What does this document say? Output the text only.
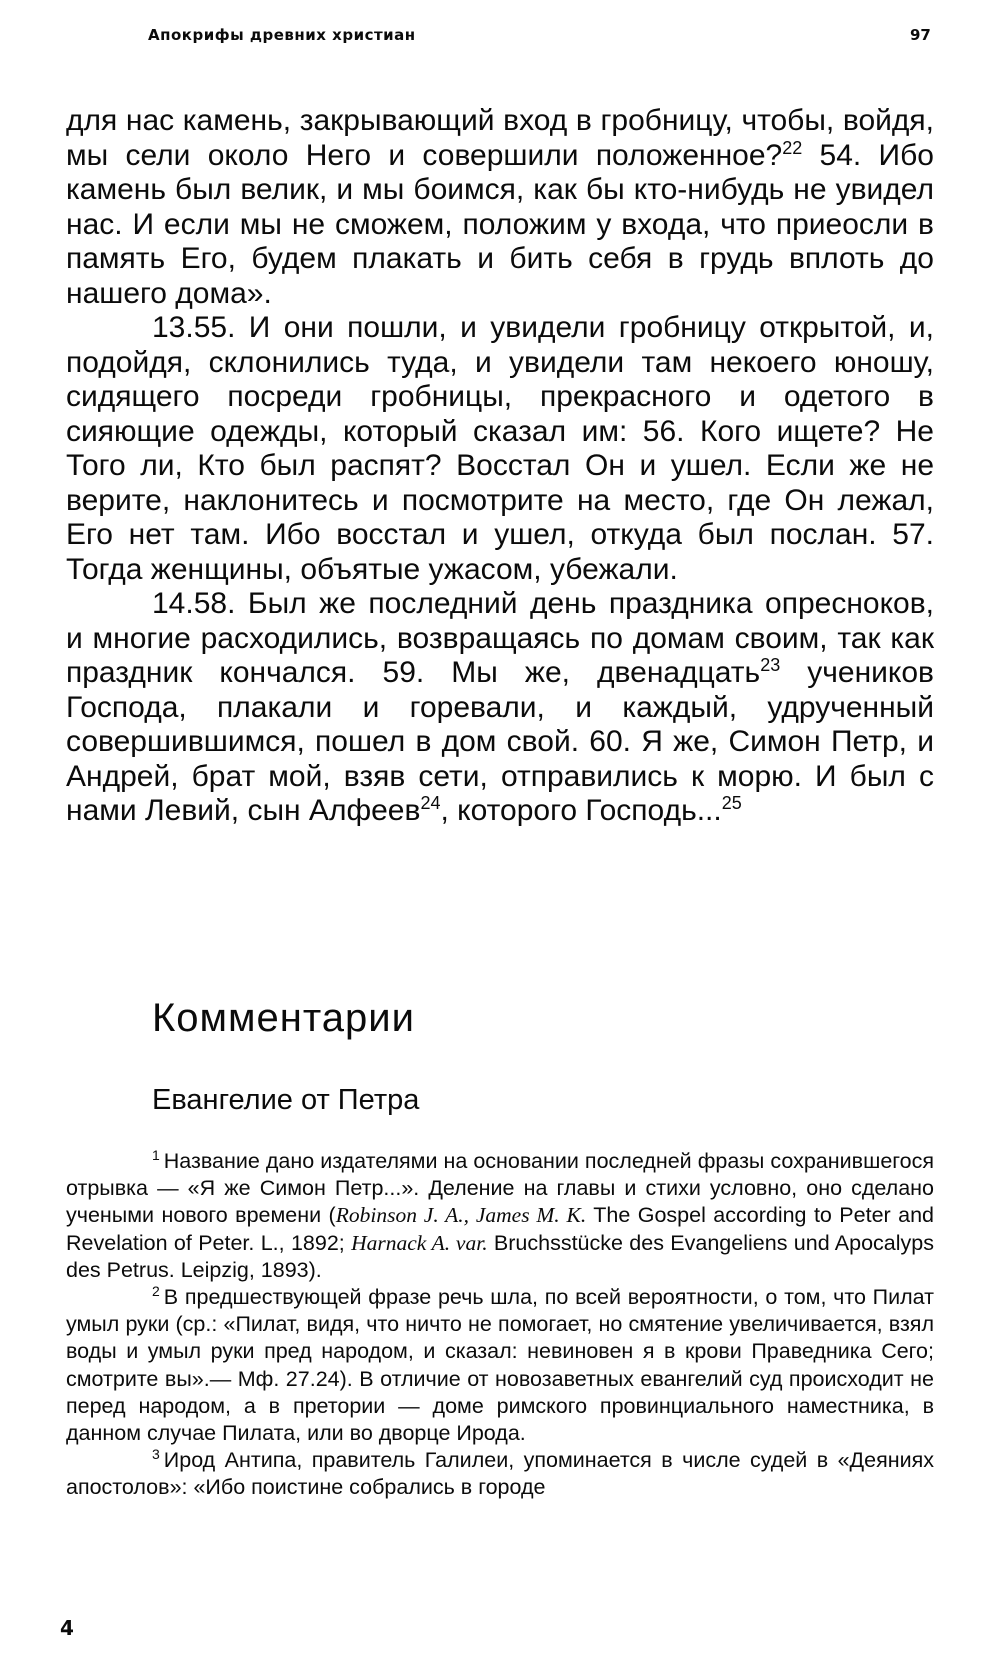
Апокрифы древних христиан	97

для нас камень, закрывающий вход в гробницу, чтобы, войдя, мы сели около Него и совершили положенное?$^{22}$ 54. Ибо камень был велик, и мы боимся, как бы кто-нибудь не увидел нас. И если мы не сможем, положим у входа, что приеосли в память Его, будем плакать и бить себя в грудь вплоть до нашего дома».

13.55. И они пошли, и увидели гробницу открытой, и, подойдя, склонились туда, и увидели там некоего юношу, сидящего посреди гробницы, прекрасного и одетого в сияющие одежды, который сказал им: 56. Кого ищете? Не Того ли, Кто был распят? Восстал Он и ушел. Если же не верите, наклонитесь и посмотрите на место, где Он лежал, Его нет там. Ибо восстал и ушел, откуда был послан. 57. Тогда женщины, объятые ужасом, убежали.

14.58. Был же последний день праздника опресноков, и многие расходились, возвращаясь по домам своим, так как праздник кончался. 59. Мы же, двенадцать$^{23}$ учеников Господа, плакали и горевали, и каждый, удрученный совершившимся, пошел в дом свой. 60. Я же, Симон Петр, и Андрей, брат мой, взяв сети, отправились к морю. И был с нами Левий, сын Алфеев$^{24}$, которого Господь...$^{25}$

Комментарии
Евангелие от Петра

$^1$ Название дано издателями на основании последней фразы сохранившегося отрывка — «Я же Симон Петр...». Деление на главы и стихи условно, оно сделано учеными нового времени (Robinson J. A., James M. K. The Gospel according to Peter and Revelation of Peter. L., 1892; Harnack A. var. Bruchsstücke des Evangeliens und Apocalyps des Petrus. Leipzig, 1893).

$^2$ В предшествующей фразе речь шла, по всей вероятности, о том, что Пилат умыл руки (ср.: «Пилат, видя, что ничто не помогает, но смятение увеличивается, взял воды и умыл руки пред народом, и сказал: невиновен я в крови Праведника Сего; смотрите вы».— Мф. 27.24). В отличие от новозаветных евангелий суд происходит не перед народом, а в претории — доме римского провинциального наместника, в данном случае Пилата, или во дворце Ирода.

$^3$ Ирод Антипа, правитель Галилеи, упоминается в числе судей в «Деяниях апостолов»: «Ибо поистине собрались в городе

4
